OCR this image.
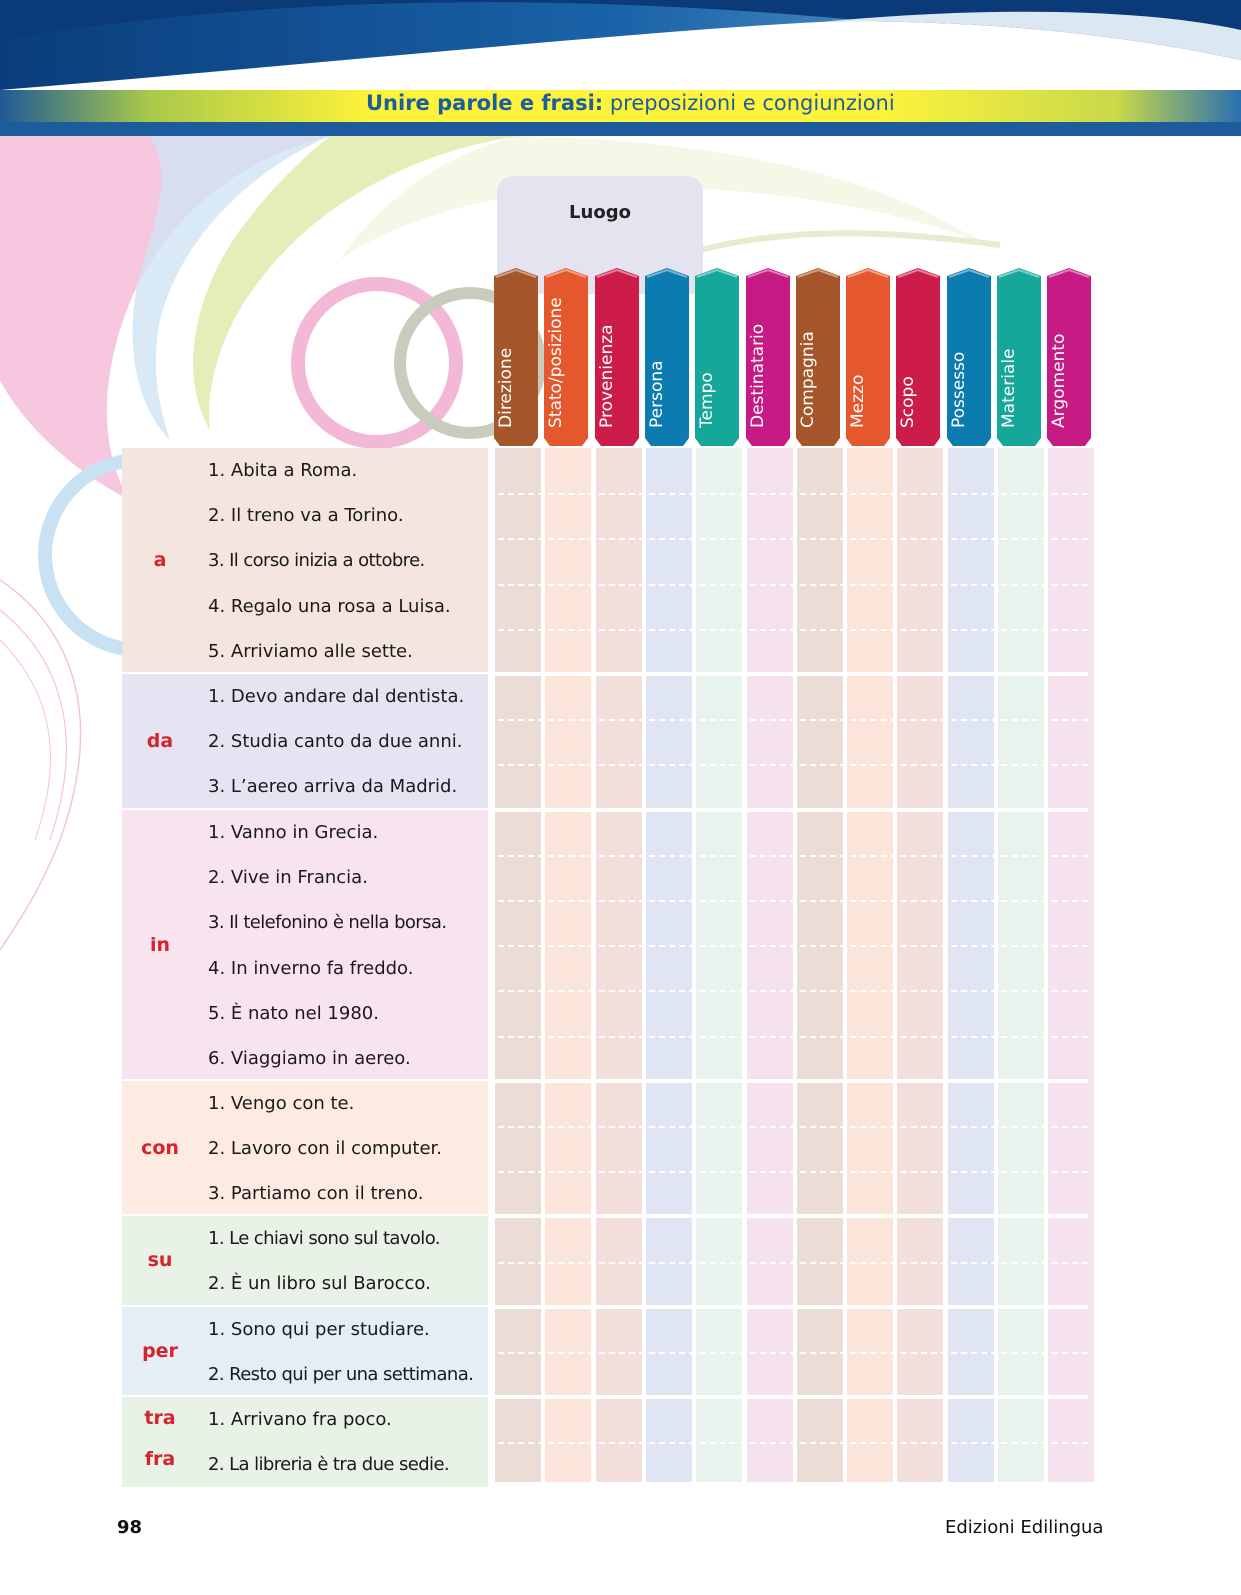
Unire parole e frasi: preposizioni e congiunzioni
Luogo
Direzione Stato/posizione Provenienza Persona Tempo Destinatario Compagnia Mezzo Scopo Possesso Materiale Argomento
a
1. Abita a Roma.
2. Il treno va a Torino.
3. Il corso inizia a ottobre.
4. Regalo una rosa a Luisa.
5. Arriviamo alle sette.
da
1. Devo andare dal dentista.
2. Studia canto da due anni.
3. L’aereo arriva da Madrid.
in
1. Vanno in Grecia.
2. Vive in Francia.
3. Il telefonino è nella borsa.
4. In inverno fa freddo.
5. È nato nel 1980.
6. Viaggiamo in aereo.
con
1. Vengo con te.
2. Lavoro con il computer.
3. Partiamo con il treno.
su
1. Le chiavi sono sul tavolo.
2. È un libro sul Barocco.
per
1. Sono qui per studiare.
2. Resto qui per una settimana.
tra
fra
1. Arrivano fra poco.
2. La libreria è tra due sedie.
98	Edizioni Edilingua
